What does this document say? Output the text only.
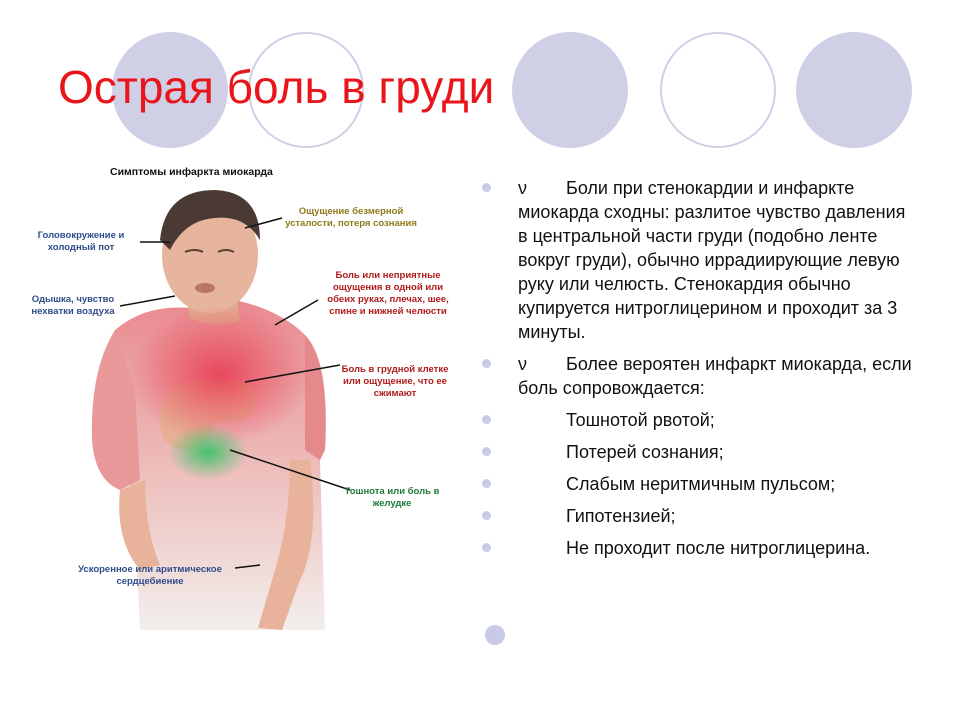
Острая боль в груди
Симптомы инфаркта миокарда
Головокружение и холодный пот
Ощущение безмерной усталости, потеря сознания
Одышка, чувство нехватки воздуха
Боль или неприятные ощущения в одной или обеих руках, плечах, шее, спине и нижней челюсти
Боль в грудной клетке или ощущение, что ее сжимают
Тошнота или боль в желудке
Ускоренное или аритмическое сердцебиение
ν Боли при стенокардии и инфаркте миокарда сходны: разлитое чувство давления в центральной части груди (подобно ленте вокруг груди), обычно иррадиирующие левую руку или челюсть. Стенокардия обычно купируется нитроглицерином и проходит за 3 минуты.
ν Более вероятен инфаркт миокарда, если боль сопровождается:
Тошнотой рвотой;
Потерей сознания;
Слабым неритмичным пульсом;
Гипотензией;
Не проходит после нитроглицерина.
